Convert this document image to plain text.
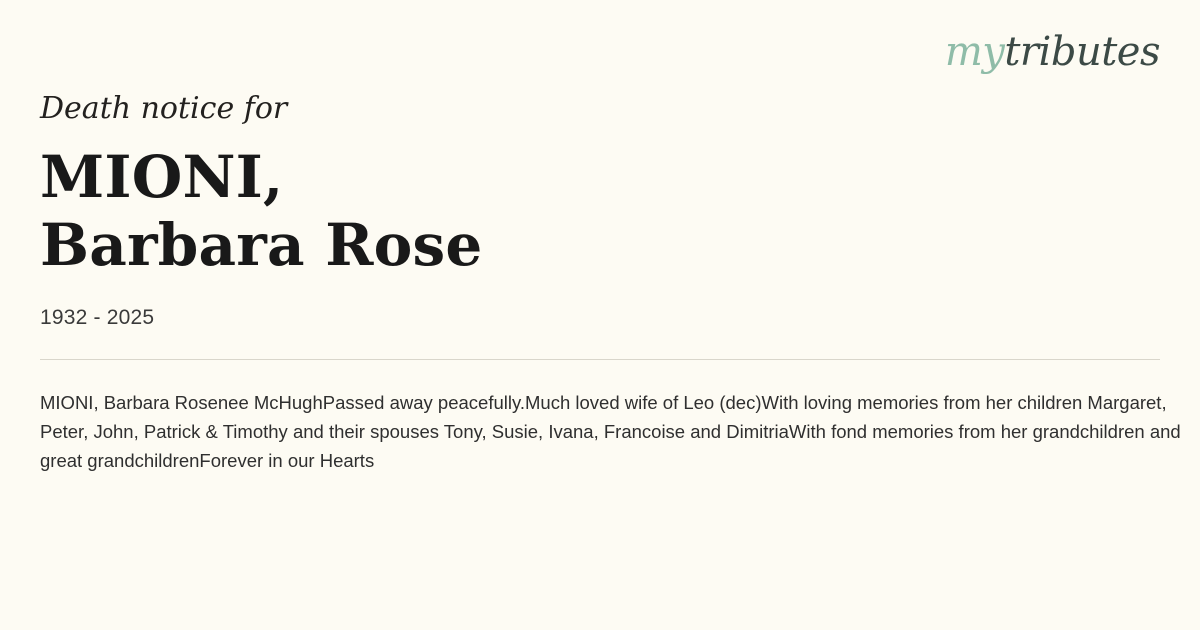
mytributes

Death notice for

MIONI,
Barbara Rose
1932 - 2025
MIONI, Barbara Rosenee McHughPassed away peacefully.Much loved wife of Leo (dec)With loving memories from her children Margaret, Peter, John, Patrick & Timothy and their spouses Tony, Susie, Ivana, Francoise and DimitriaWith fond memories from her grandchildren and great grandchildrenForever in our Hearts
